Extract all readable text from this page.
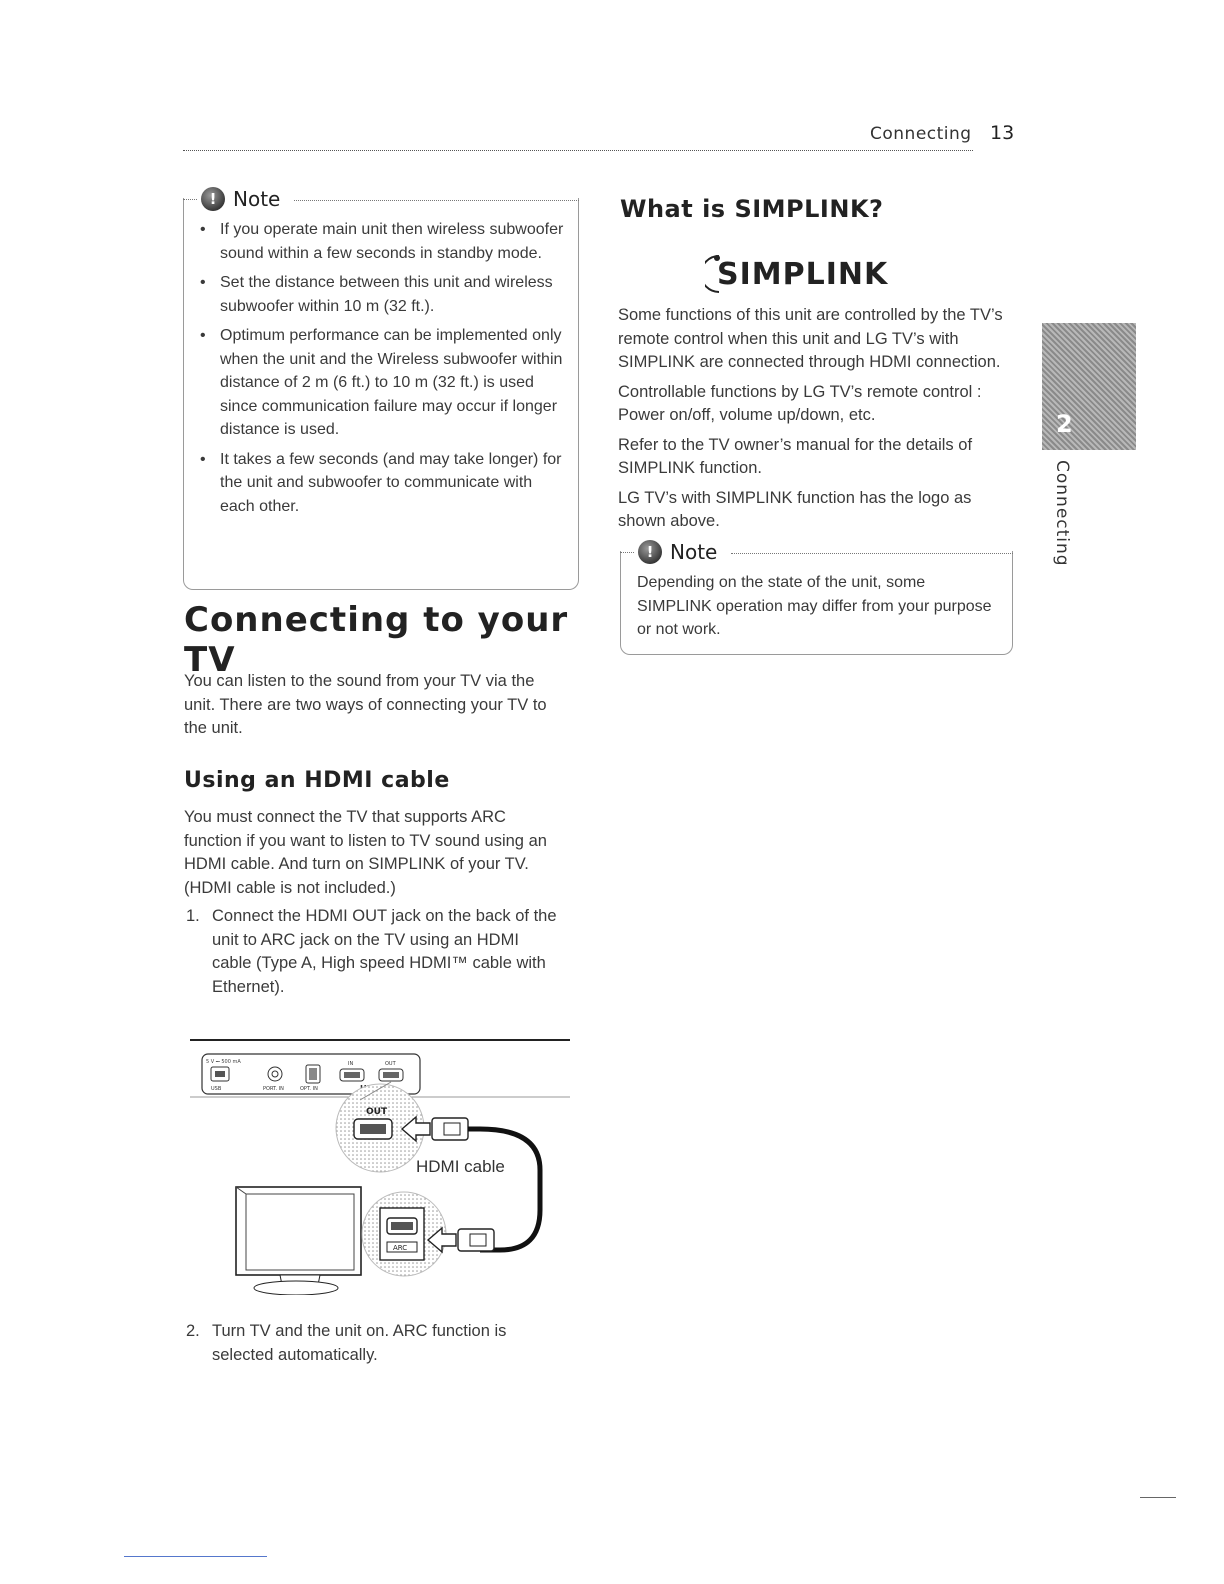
Connecting 13
2
Connecting
! Note
• If you operate main unit then wireless subwoofer sound within a few seconds in standby mode.
• Set the distance between this unit and wireless subwoofer within 10 m (32 ft.).
• Optimum performance can be implemented only when the unit and the Wireless subwoofer within distance of 2 m (6 ft.) to 10 m (32 ft.) is used since communication failure may occur if longer distance is used.
• It takes a few seconds (and may take longer) for the unit and subwoofer to communicate with each other.
Connecting to your TV

You can listen to the sound from your TV via the unit. There are two ways of connecting your TV to the unit.

Using an HDMI cable

You must connect the TV that supports ARC function if you want to listen to TV sound using an HDMI cable. And turn on SIMPLINK of your TV. (HDMI cable is not included.)

1. Connect the HDMI OUT jack on the back of the unit to ARC jack on the TV using an HDMI cable (Type A, High speed HDMI™ cable with Ethernet).
5 V ⎓ 500 mA
USB	PORT. IN	OPT. IN
IN	OUT
OUT
HDMI cable
ARC
2. Turn TV and the unit on. ARC function is selected automatically.
What is SIMPLINK?
SIMPLINK

Some functions of this unit are controlled by the TV’s remote control when this unit and LG TV’s with SIMPLINK are connected through HDMI connection.

Controllable functions by LG TV’s remote control : Power on/off, volume up/down, etc.

Refer to the TV owner’s manual for the details of SIMPLINK function.

LG TV’s with SIMPLINK function has the logo as shown above.

! Note

Depending on the state of the unit, some SIMPLINK operation may differ from your purpose or not work.
